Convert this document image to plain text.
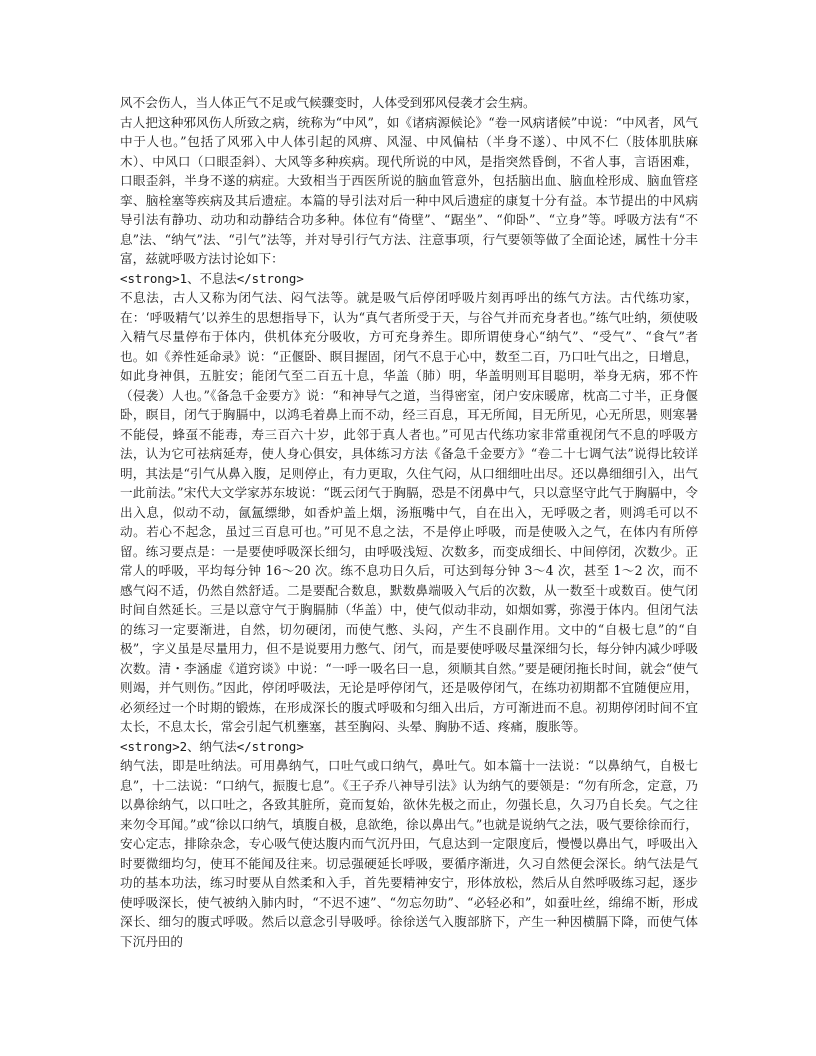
风不会伤人，当人体正气不足或气候骤变时，人体受到邪风侵袭才会生病。

古人把这种邪风伤人所致之病，统称为“中风”，如《诸病源候论》“卷一风病诸候”中说：“中风者，风气中于人也。”包括了风邪入中人体引起的风痹、风湿、中风偏枯（半身不遂）、中风不仁（肢体肌肤麻木）、中风口（口眼歪斜）、大风等多种疾病。现代所说的中风，是指突然昏倒，不省人事，言语困难，口眼歪斜，半身不遂的病症。大致相当于西医所说的脑血管意外，包括脑出血、脑血栓形成、脑血管痉挛、脑栓塞等疾病及其后遗症。本篇的导引法对后一种中风后遗症的康复十分有益。本节提出的中风病导引法有静功、动功和动静结合功多种。体位有“倚壁”、“踞坐”、“仰卧”、“立身”等。呼吸方法有“不息”法、“纳气”法、“引气”法等，并对导引行气方法、注意事项，行气要领等做了全面论述，属性十分丰富，兹就呼吸方法讨论如下：

<strong>1、不息法</strong>

不息法，古人又称为闭气法、闷气法等。就是吸气后停闭呼吸片刻再呼出的练气方法。古代练功家，在：‘呼吸精气’以养生的思想指导下，认为“真气者所受于天，与谷气并而充身者也。”练气吐纳，须使吸入精气尽量停布于体内，供机体充分吸收，方可充身养生。即所谓使身心“纳气”、“受气”、“食气”者也。如《养性延命录》说：“正偃卧、瞑目握固，闭气不息于心中，数至二百，乃口吐气出之，日增息，如此身神俱，五脏安；能闭气至二百五十息，华盖（肺）明，华盖明则耳目聪明，举身无病，邪不忤（侵袭）人也。”《备急千金要方》说：“和神导气之道，当得密室，闭户安床暖席，枕高二寸半，正身偃卧，瞑目，闭气于胸膈中，以鸿毛着鼻上而不动，经三百息，耳无所闻，目无所见，心无所思，则寒暑不能侵，蜂虿不能毒，寿三百六十岁，此邻于真人者也。”可见古代练功家非常重视闭气不息的呼吸方法，认为它可祛病延寿，使人身心俱安，具体练习方法《备急千金要方》“卷二十七调气法”说得比较详明，其法是“引气从鼻入腹，足则停止，有力更取，久住气闷，从口细细吐出尽。还以鼻细细引入，出气一此前法。”宋代大文学家苏东坡说：“既云闭气于胸膈，恐是不闭鼻中气，只以意坚守此气于胸膈中，令出入息，似动不动，氤氲缥缈，如香炉盖上烟，汤瓶嘴中气，自在出入，无呼吸之者，则鸿毛可以不动。若心不起念，虽过三百息可也。”可见不息之法，不是停止呼吸，而是使吸入之气，在体内有所停留。练习要点是：一是要使呼吸深长细匀，由呼吸浅短、次数多，而变成细长、中间停闭，次数少。正常人的呼吸，平均每分钟 16～20 次。练不息功日久后，可达到每分钟 3～4 次，甚至 1～2 次，而不感气闷不适，仍然自然舒适。二是要配合数息，默数鼻端吸入气后的次数，从一数至十或数百。使气闭时间自然延长。三是以意守气于胸膈肺（华盖）中，使气似动非动，如烟如雾，弥漫于体内。但闭气法的练习一定要渐进，自然，切勿硬闭，而使气憋、头闷，产生不良副作用。文中的“自极七息”的“自极”，字义虽是尽量用力，但不是说要用力憋气、闭气，而是要使呼吸尽量深细匀长，每分钟内减少呼吸次数。清・李涵虚《道窍谈》中说：“一呼一吸名曰一息，须顺其自然。”要是硬闭拖长时间，就会“使气则竭，并气则伤。”因此，停闭呼吸法，无论是呼停闭气，还是吸停闭气，在练功初期都不宜随便应用，必须经过一个时期的锻炼，在形成深长的腹式呼吸和匀细入出后，方可渐进而不息。初期停闭时间不宜太长，不息太长，常会引起气机壅塞，甚至胸闷、头晕、胸胁不适、疼痛，腹胀等。

<strong>2、纳气法</strong>

纳气法，即是吐纳法。可用鼻纳气，口吐气或口纳气，鼻吐气。如本篇十一法说：“以鼻纳气，自极七息”，十二法说：“口纳气，振腹七息”。《王子乔八神导引法》认为纳气的要领是：“勿有所念，定意，乃以鼻徐纳气，以口吐之，各致其脏所，竟而复始，欲休先极之而止，勿强长息，久习乃自长矣。气之往来勿令耳闻。”或“徐以口纳气，填腹自极，息欲绝，徐以鼻出气。”也就是说纳气之法，吸气要徐徐而行，安心定志，排除杂念，专心吸气使达腹内而气沉丹田，气息达到一定限度后，慢慢以鼻出气，呼吸出入时要微细均匀，使耳不能闻及往来。切忌强硬延长呼吸，要循序渐进，久习自然便会深长。纳气法是气功的基本功法，练习时要从自然柔和入手，首先要精神安宁，形体放松，然后从自然呼吸练习起，逐步使呼吸深长，使气被纳入肺内时，“不迟不速”、“勿忘勿助”、“必轻必和”，如蚕吐丝，绵绵不断，形成深长、细匀的腹式呼吸。然后以意念引导吸呼。徐徐送气入腹部脐下，产生一种因横膈下降，而使气体下沉丹田的
